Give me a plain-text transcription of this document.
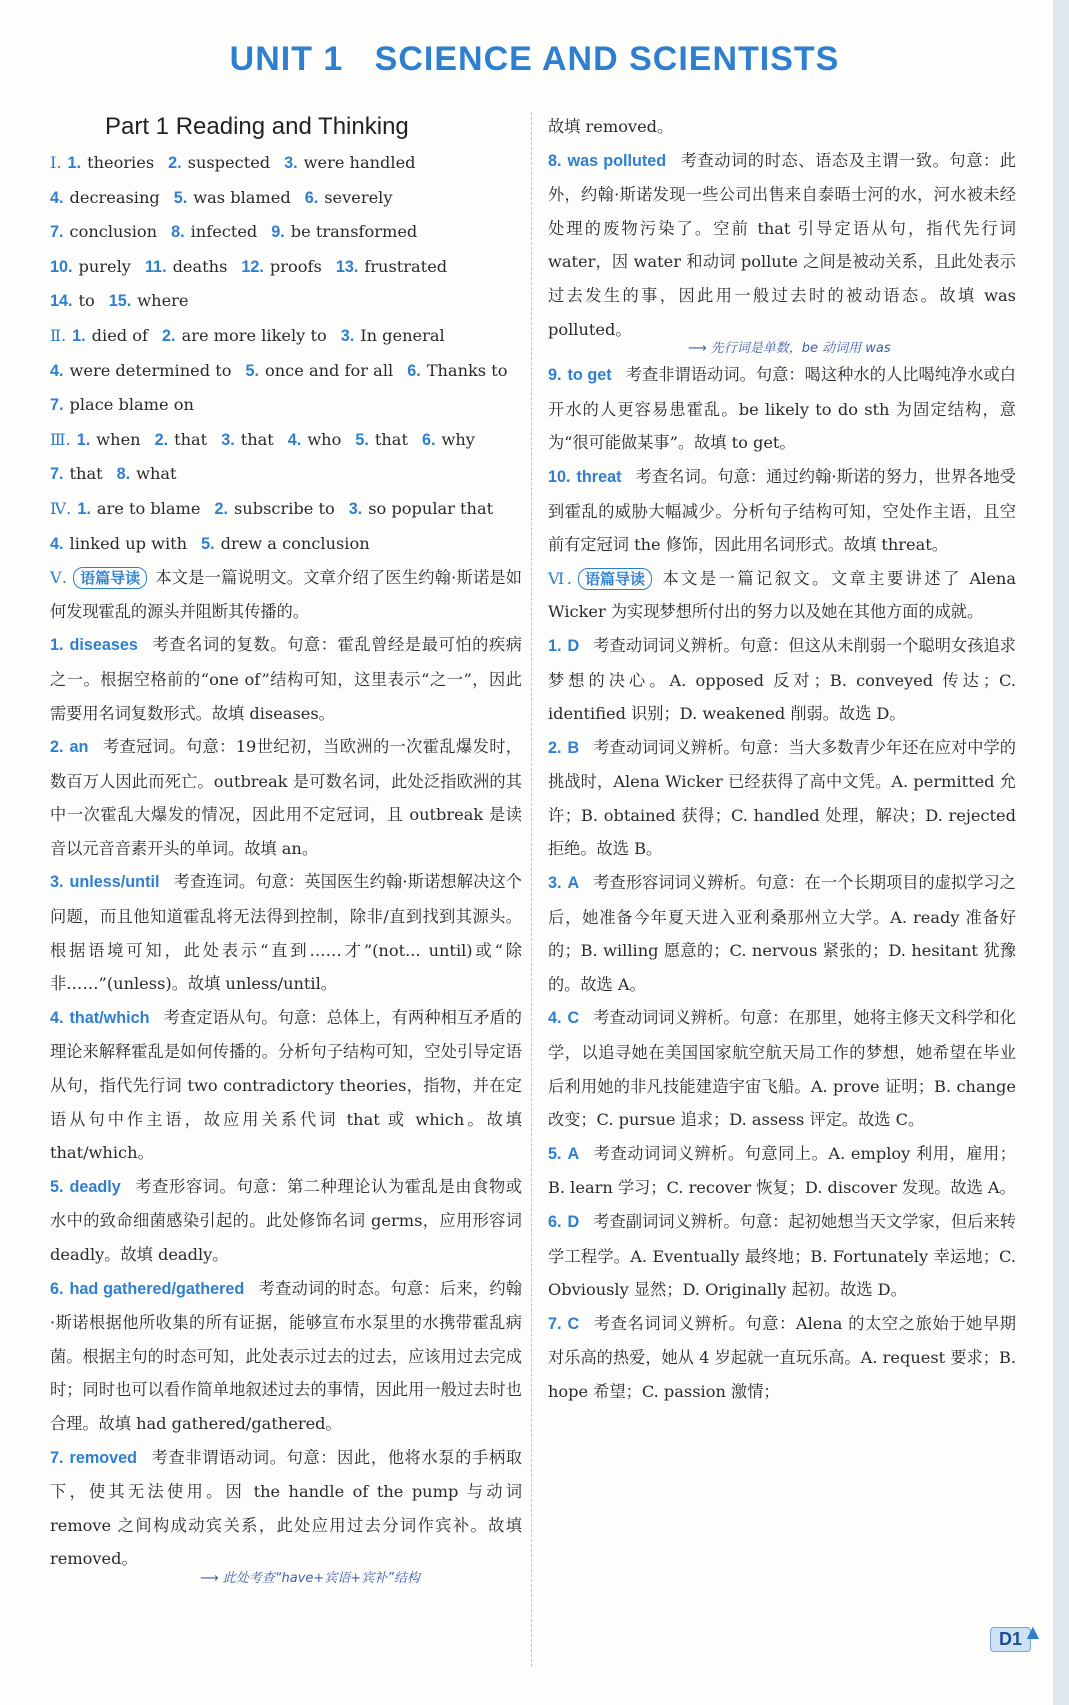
UNIT 1   SCIENCE AND SCIENTISTS
Part 1 Reading and Thinking
Ⅰ. 1. theories 2. suspected 3. were handled
4. decreasing 5. was blamed 6. severely
7. conclusion 8. infected 9. be transformed
10. purely 11. deaths 12. proofs 13. frustrated
14. to 15. where
Ⅱ. 1. died of 2. are more likely to 3. In general
4. were determined to 5. once and for all 6. Thanks to
7. place blame on
Ⅲ. 1. when 2. that 3. that 4. who 5. that 6. why
7. that 8. what
Ⅳ. 1. are to blame 2. subscribe to 3. so popular that
4. linked up with 5. drew a conclusion
Ⅴ. 语篇导读 本文是一篇说明文。文章介绍了医生约翰·斯诺是如何发现霍乱的源头并阻断其传播的。
1. diseases 考查名词的复数。句意：霍乱曾经是最可怕的疾病之一。根据空格前的“one of”结构可知，这里表示“之一”，因此需要用名词复数形式。故填 diseases。
2. an 考查冠词。句意：19世纪初，当欧洲的一次霍乱爆发时，数百万人因此而死亡。outbreak 是可数名词，此处泛指欧洲的其中一次霍乱大爆发的情况，因此用不定冠词，且 outbreak 是读音以元音音素开头的单词。故填 an。
3. unless/until 考查连词。句意：英国医生约翰·斯诺想解决这个问题，而且他知道霍乱将无法得到控制，除非/直到找到其源头。根据语境可知，此处表示“直到……才”(not... until)或“除非……”(unless)。故填 unless/until。
4. that/which 考查定语从句。句意：总体上，有两种相互矛盾的理论来解释霍乱是如何传播的。分析句子结构可知，空处引导定语从句，指代先行词 two contradictory theories，指物，并在定语从句中作主语，故应用关系代词 that 或 which。故填 that/which。
5. deadly 考查形容词。句意：第二种理论认为霍乱是由食物或水中的致命细菌感染引起的。此处修饰名词 germs，应用形容词 deadly。故填 deadly。
6. had gathered/gathered 考查动词的时态。句意：后来，约翰·斯诺根据他所收集的所有证据，能够宣布水泵里的水携带霍乱病菌。根据主句的时态可知，此处表示过去的过去，应该用过去完成时；同时也可以看作简单地叙述过去的事情，因此用一般过去时也合理。故填 had gathered/gathered。
7. removed 考查非谓语动词。句意：因此，他将水泵的手柄取下，使其无法使用。因 the handle of the pump 与动词 remove 之间构成动宾关系，此处应用过去分词作宾补。故填 removed。
⟶ 此处考查“have+宾语+宾补”结构
故填 removed。
8. was polluted 考查动词的时态、语态及主谓一致。句意：此外，约翰·斯诺发现一些公司出售来自泰晤士河的水，河水被未经处理的废物污染了。空前 that 引导定语从句，指代先行词 water，因 water 和动词 pollute 之间是被动关系，且此处表示过去发生的事，因此用一般过去时的被动语态。故填 was polluted。
⟶ 先行词是单数，be 动词用 was
9. to get 考查非谓语动词。句意：喝这种水的人比喝纯净水或白开水的人更容易患霍乱。be likely to do sth 为固定结构，意为“很可能做某事”。故填 to get。
10. threat 考查名词。句意：通过约翰·斯诺的努力，世界各地受到霍乱的威胁大幅减少。分析句子结构可知，空处作主语，且空前有定冠词 the 修饰，因此用名词形式。故填 threat。
Ⅵ. 语篇导读 本文是一篇记叙文。文章主要讲述了 Alena Wicker 为实现梦想所付出的努力以及她在其他方面的成就。
1. D 考查动词词义辨析。句意：但这从未削弱一个聪明女孩追求梦想的决心。A. opposed 反对；B. conveyed 传达；C. identified 识别；D. weakened 削弱。故选 D。
2. B 考查动词词义辨析。句意：当大多数青少年还在应对中学的挑战时，Alena Wicker 已经获得了高中文凭。A. permitted 允许；B. obtained 获得；C. handled 处理，解决；D. rejected 拒绝。故选 B。
3. A 考查形容词词义辨析。句意：在一个长期项目的虚拟学习之后，她准备今年夏天进入亚利桑那州立大学。A. ready 准备好的；B. willing 愿意的；C. nervous 紧张的；D. hesitant 犹豫的。故选 A。
4. C 考查动词词义辨析。句意：在那里，她将主修天文科学和化学，以追寻她在美国国家航空航天局工作的梦想，她希望在毕业后利用她的非凡技能建造宇宙飞船。A. prove 证明；B. change 改变；C. pursue 追求；D. assess 评定。故选 C。
5. A 考查动词词义辨析。句意同上。A. employ 利用，雇用；B. learn 学习；C. recover 恢复；D. discover 发现。故选 A。
6. D 考查副词词义辨析。句意：起初她想当天文学家，但后来转学工程学。A. Eventually 最终地；B. Fortunately 幸运地；C. Obviously 显然；D. Originally 起初。故选 D。
7. C 考查名词词义辨析。句意：Alena 的太空之旅始于她早期对乐高的热爱，她从 4 岁起就一直玩乐高。A. request 要求；B. hope 希望；C. passion 激情；
D1 ▲
